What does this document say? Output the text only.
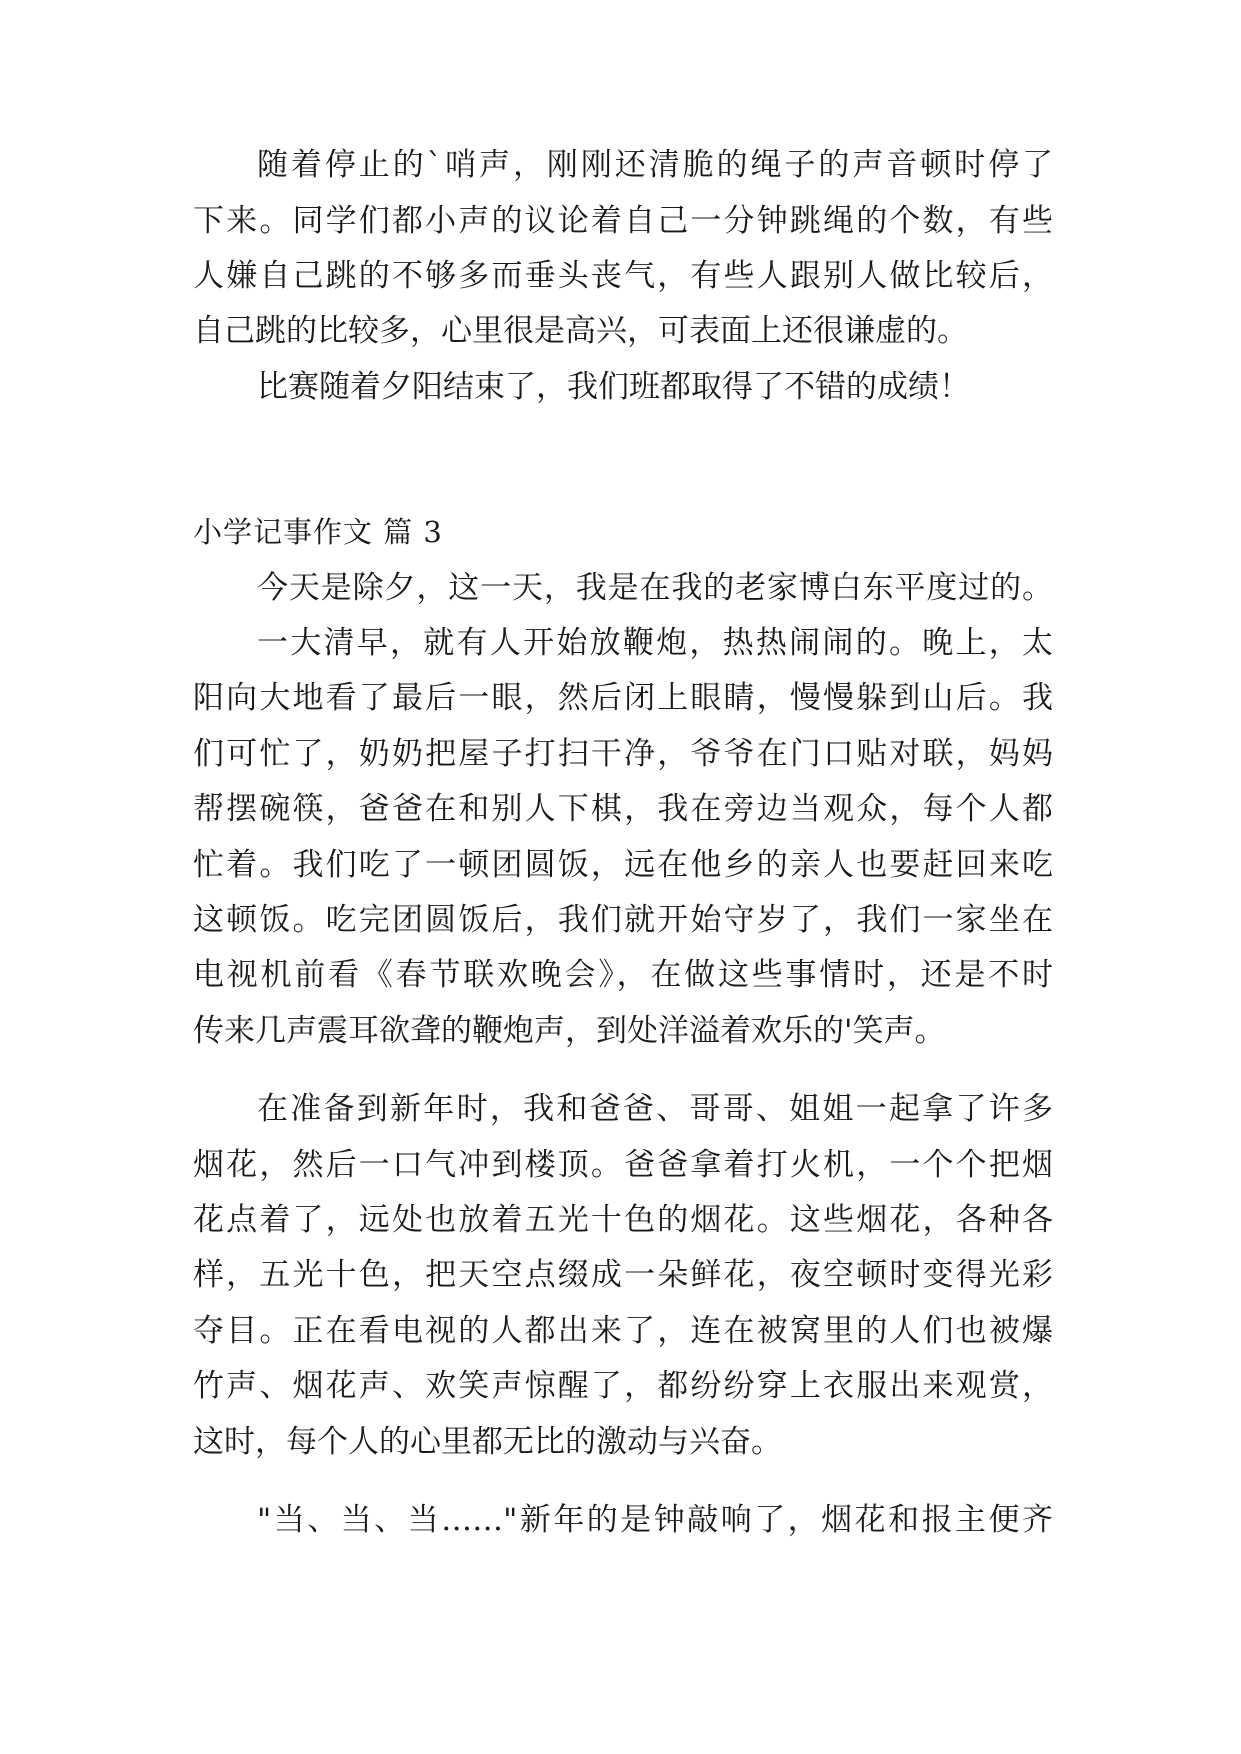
随着停止的`哨声，刚刚还清脆的绳子的声音顿时停了
下来。同学们都小声的议论着自己一分钟跳绳的个数，有些
人嫌自己跳的不够多而垂头丧气，有些人跟别人做比较后，
自己跳的比较多，心里很是高兴，可表面上还很谦虚的。
比赛随着夕阳结束了，我们班都取得了不错的成绩！
小学记事作文 篇 3
今天是除夕，这一天，我是在我的老家博白东平度过的。
一大清早，就有人开始放鞭炮，热热闹闹的。晚上，太
阳向大地看了最后一眼，然后闭上眼睛，慢慢躲到山后。我
们可忙了，奶奶把屋子打扫干净，爷爷在门口贴对联，妈妈
帮摆碗筷，爸爸在和别人下棋，我在旁边当观众，每个人都
忙着。我们吃了一顿团圆饭，远在他乡的亲人也要赶回来吃
这顿饭。吃完团圆饭后，我们就开始守岁了，我们一家坐在
电视机前看《春节联欢晚会》，在做这些事情时，还是不时
传来几声震耳欲聋的鞭炮声，到处洋溢着欢乐的'笑声。
在准备到新年时，我和爸爸、哥哥、姐姐一起拿了许多
烟花，然后一口气冲到楼顶。爸爸拿着打火机，一个个把烟
花点着了，远处也放着五光十色的烟花。这些烟花，各种各
样，五光十色，把天空点缀成一朵鲜花，夜空顿时变得光彩
夺目。正在看电视的人都出来了，连在被窝里的人们也被爆
竹声、烟花声、欢笑声惊醒了，都纷纷穿上衣服出来观赏，
这时，每个人的心里都无比的激动与兴奋。
"当、当、当……"新年的是钟敲响了，烟花和报主便齐
